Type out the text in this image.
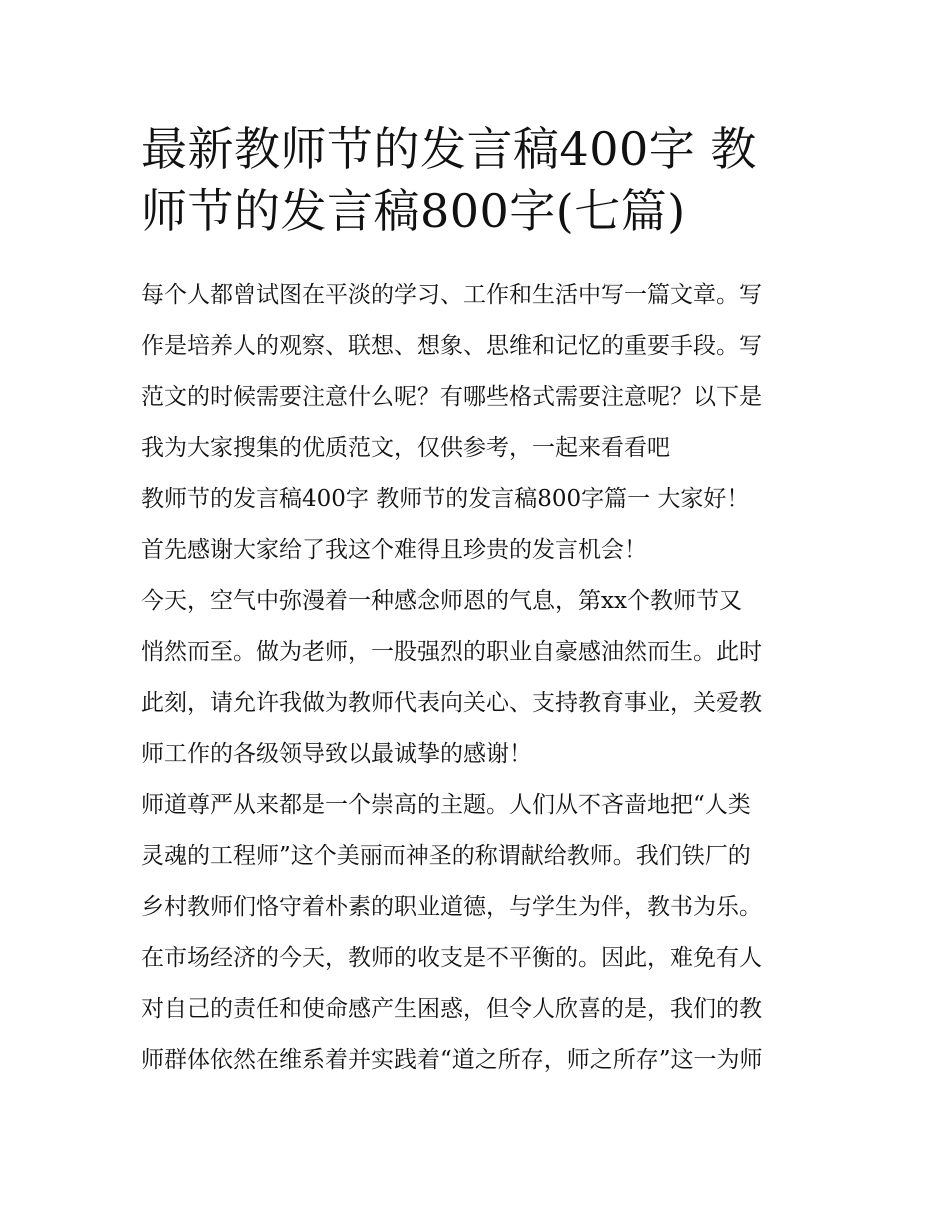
最新教师节的发言稿400字 教
师节的发言稿800字(七篇)
每个人都曾试图在平淡的学习、工作和生活中写一篇文章。写
作是培养人的观察、联想、想象、思维和记忆的重要手段。写
范文的时候需要注意什么呢？有哪些格式需要注意呢？以下是
我为大家搜集的优质范文，仅供参考，一起来看看吧
教师节的发言稿400字 教师节的发言稿800字篇一 大家好！
首先感谢大家给了我这个难得且珍贵的发言机会！
今天，空气中弥漫着一种感念师恩的气息，第xx个教师节又
悄然而至。做为老师，一股强烈的职业自豪感油然而生。此时
此刻，请允许我做为教师代表向关心、支持教育事业，关爱教
师工作的各级领导致以最诚挚的感谢！
师道尊严从来都是一个崇高的主题。人们从不吝啬地把“人类
灵魂的工程师”这个美丽而神圣的称谓献给教师。我们铁厂的
乡村教师们恪守着朴素的职业道德，与学生为伴，教书为乐。
在市场经济的今天，教师的收支是不平衡的。因此，难免有人
对自己的责任和使命感产生困惑，但令人欣喜的是，我们的教
师群体依然在维系着并实践着“道之所存，师之所存”这一为师
